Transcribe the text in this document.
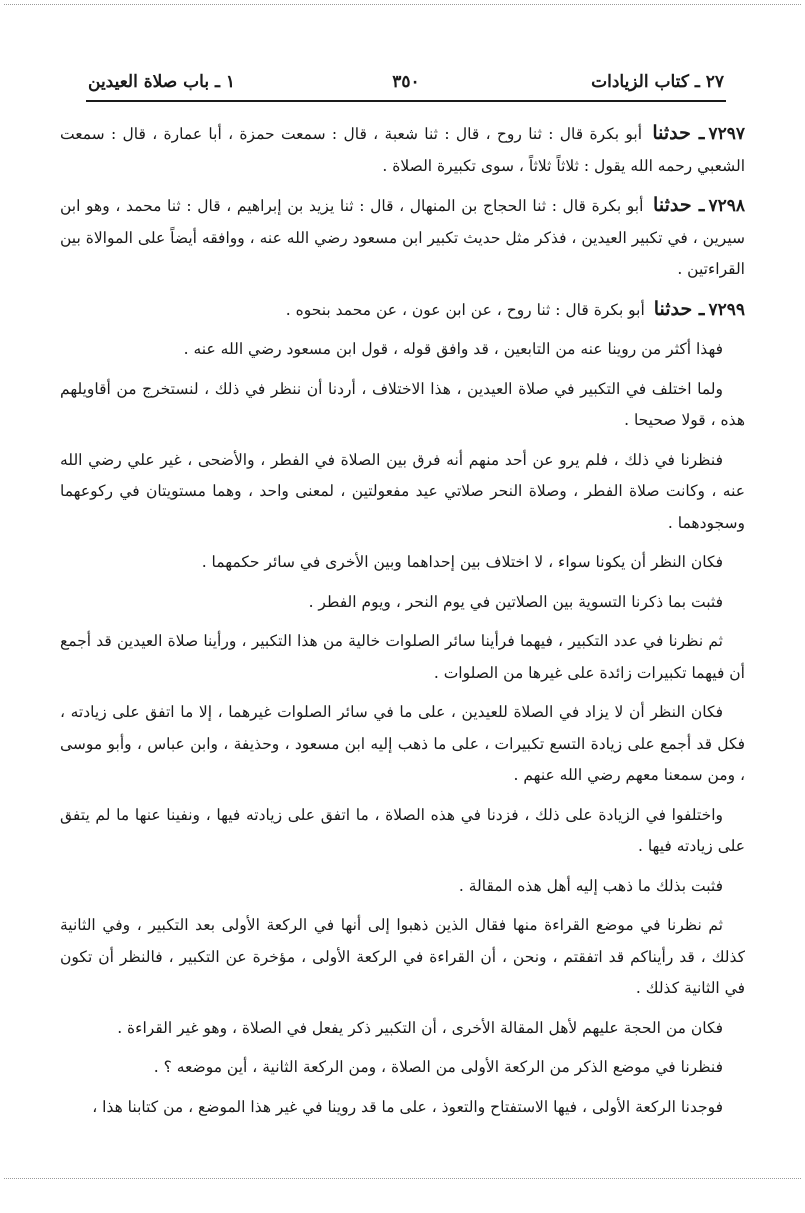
٢٧ ـ كتاب الزيادات
٣٥٠
١ ـ باب صلاة العيدين

٧٢٩٧ـ حدثنا أبو بكرة قال : ثنا روح ، قال : ثنا شعبة ، قال : سمعت حمزة ، أبا عمارة ، قال : سمعت الشعبي رحمه الله يقول : ثلاثاً ثلاثاً ، سوى تكبيرة الصلاة .

٧٢٩٨ـ حدثنا أبو بكرة قال : ثنا الحجاج بن المنهال ، قال : ثنا يزيد بن إبراهيم ، قال : ثنا محمد ، وهو ابن سيرين ، في تكبير العيدين ، فذكر مثل حديث تكبير ابن مسعود رضي الله عنه ، ووافقه أيضاً على الموالاة بين القراءتين .

٧٢٩٩ـ حدثنا أبو بكرة قال : ثنا روح ، عن ابن عون ، عن محمد بنحوه .

فهذا أكثر من روينا عنه من التابعين ، قد وافق قوله ، قول ابن مسعود رضي الله عنه .

ولما اختلف في التكبير في صلاة العيدين ، هذا الاختلاف ، أردنا أن ننظر في ذلك ، لنستخرج من أقاويلهم هذه ، قولا صحيحا .

فنظرنا في ذلك ، فلم يرو عن أحد منهم أنه فرق بين الصلاة في الفطر ، والأضحى ، غير علي رضي الله عنه ، وكانت صلاة الفطر ، وصلاة النحر صلاتي عيد مفعولتين ، لمعنى واحد ، وهما مستويتان في ركوعهما وسجودهما .

فكان النظر أن يكونا سواء ، لا اختلاف بين إحداهما وبين الأخرى في سائر حكمهما .

فثبت بما ذكرنا التسوية بين الصلاتين في يوم النحر ، ويوم الفطر .

ثم نظرنا في عدد التكبير ، فيهما فرأينا سائر الصلوات خالية من هذا التكبير ، ورأينا صلاة العيدين قد أجمع أن فيهما تكبيرات زائدة على غيرها من الصلوات .

فكان النظر أن لا يزاد في الصلاة للعيدين ، على ما في سائر الصلوات غيرهما ، إلا ما اتفق على زيادته ، فكل قد أجمع على زيادة التسع تكبيرات ، على ما ذهب إليه ابن مسعود ، وحذيفة ، وابن عباس ، وأبو موسى ، ومن سمعنا معهم رضي الله عنهم .

واختلفوا في الزيادة على ذلك ، فزدنا في هذه الصلاة ، ما اتفق على زيادته فيها ، ونفينا عنها ما لم يتفق على زيادته فيها .

فثبت بذلك ما ذهب إليه أهل هذه المقالة .

ثم نظرنا في موضع القراءة منها فقال الذين ذهبوا إلى أنها في الركعة الأولى بعد التكبير ، وفي الثانية كذلك ، قد رأيناكم قد اتفقتم ، ونحن ، أن القراءة في الركعة الأولى ، مؤخرة عن التكبير ، فالنظر أن تكون في الثانية كذلك .

فكان من الحجة عليهم لأهل المقالة الأخرى ، أن التكبير ذكر يفعل في الصلاة ، وهو غير القراءة .

فنظرنا في موضع الذكر من الركعة الأولى من الصلاة ، ومن الركعة الثانية ، أين موضعه ؟ .

فوجدنا الركعة الأولى ، فيها الاستفتاح والتعوذ ، على ما قد روينا في غير هذا الموضع ، من كتابنا هذا ،
